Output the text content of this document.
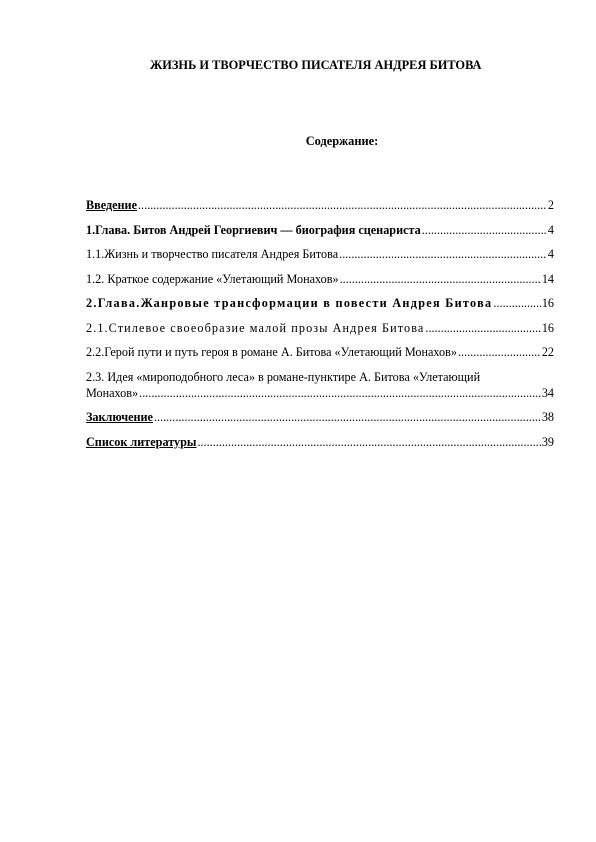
ЖИЗНЬ И ТВОРЧЕСТВО ПИСАТЕЛЯ АНДРЕЯ БИТОВА
Содержание:
Введение .....	2
1.Глава. Битов Андрей Георгиевич — биография сценариста .....	4
1.1.Жизнь и творчество писателя Андрея Битова .....	4
1.2. Краткое содержание «Улетающий Монахов» .....	14
2.Глава.Жанровые трансформации в повести Андрея Битова .....	16
2.1.Стилевое своеобразие малой прозы Андрея Битова .....	16
2.2.Герой пути и путь героя в романе А. Битова «Улетающий Монахов» .....	22
2.3. Идея «мироподобного леса» в романе-пунктире А. Битова «Улетающий
Монахов» .....	34
Заключение .....	38
Список литературы .....	39
